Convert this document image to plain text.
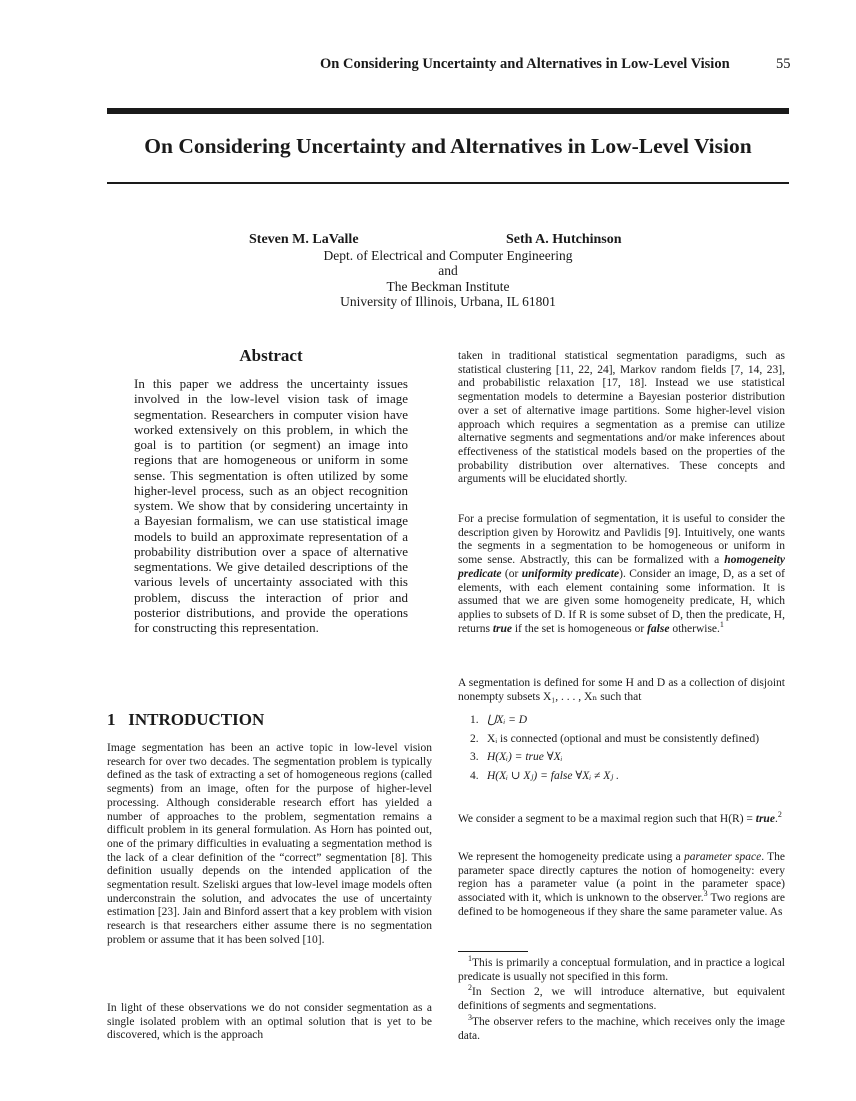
On Considering Uncertainty and Alternatives in Low-Level Vision	55
On Considering Uncertainty and Alternatives in Low-Level Vision
Steven M. LaValle	Seth A. Hutchinson
Dept. of Electrical and Computer Engineering
and
The Beckman Institute
University of Illinois, Urbana, IL 61801
Abstract
In this paper we address the uncertainty issues involved in the low-level vision task of image segmentation. Researchers in computer vision have worked extensively on this problem, in which the goal is to partition (or segment) an image into regions that are homogeneous or uniform in some sense. This segmentation is often utilized by some higher-level process, such as an object recognition system. We show that by considering uncertainty in a Bayesian formalism, we can use statistical image models to build an approximate representation of a probability distribution over a space of alternative segmentations. We give detailed descriptions of the various levels of uncertainty associated with this problem, discuss the interaction of prior and posterior distributions, and provide the operations for constructing this representation.
1 INTRODUCTION

Image segmentation has been an active topic in low-level vision research for over two decades. The segmentation problem is typically defined as the task of extracting a set of homogeneous regions (called segments) from an image, often for the purpose of higher-level processing. Although considerable research effort has yielded a number of approaches to the problem, segmentation remains a difficult problem in its general formulation. As Horn has pointed out, one of the primary difficulties in evaluating a segmentation method is the lack of a clear definition of the “correct” segmentation [8]. This definition usually depends on the intended application of the segmentation result. Szeliski argues that low-level image models often underconstrain the solution, and advocates the use of uncertainty estimation [23]. Jain and Binford assert that a key problem with vision research is that researchers either assume there is no segmentation problem or assume that it has been solved [10].

In light of these observations we do not consider segmentation as a single isolated problem with an optimal solution that is yet to be discovered, which is the approach

taken in traditional statistical segmentation paradigms, such as statistical clustering [11, 22, 24], Markov random fields [7, 14, 23], and probabilistic relaxation [17, 18]. Instead we use statistical segmentation models to determine a Bayesian posterior distribution over a set of alternative image partitions. Some higher-level vision approach which requires a segmentation as a premise can utilize alternative segments and segmentations and/or make inferences about effectiveness of the statistical models based on the properties of the probability distribution over alternatives. These concepts and arguments will be elucidated shortly.

For a precise formulation of segmentation, it is useful to consider the description given by Horowitz and Pavlidis [9]. Intuitively, one wants the segments in a segmentation to be homogeneous or uniform in some sense. Abstractly, this can be formalized with a homogeneity predicate (or uniformity predicate). Consider an image, D, as a set of elements, with each element containing some information. It is assumed that we are given some homogeneity predicate, H, which applies to subsets of D. If R is some subset of D, then the predicate, H, returns true if the set is homogeneous or false otherwise.$^1$

A segmentation is defined for some H and D as a collection of disjoint nonempty subsets X₁, . . . , Xₙ such that

1. ⋃Xᵢ = D
2. Xᵢ is connected (optional and must be consistently defined)
3. H(Xᵢ) = true ∀Xᵢ
4. H(Xᵢ ∪ Xⱼ) = false ∀Xᵢ ≠ Xⱼ .

We consider a segment to be a maximal region such that H(R) = true.$^2$

We represent the homogeneity predicate using a parameter space. The parameter space directly captures the notion of homogeneity: every region has a parameter value (a point in the parameter space) associated with it, which is unknown to the observer.$^3$ Two regions are defined to be homogeneous if they share the same parameter value. As

$^1$This is primarily a conceptual formulation, and in practice a logical predicate is usually not specified in this form.

$^2$In Section 2, we will introduce alternative, but equivalent definitions of segments and segmentations.

$^3$The observer refers to the machine, which receives only the image data.
